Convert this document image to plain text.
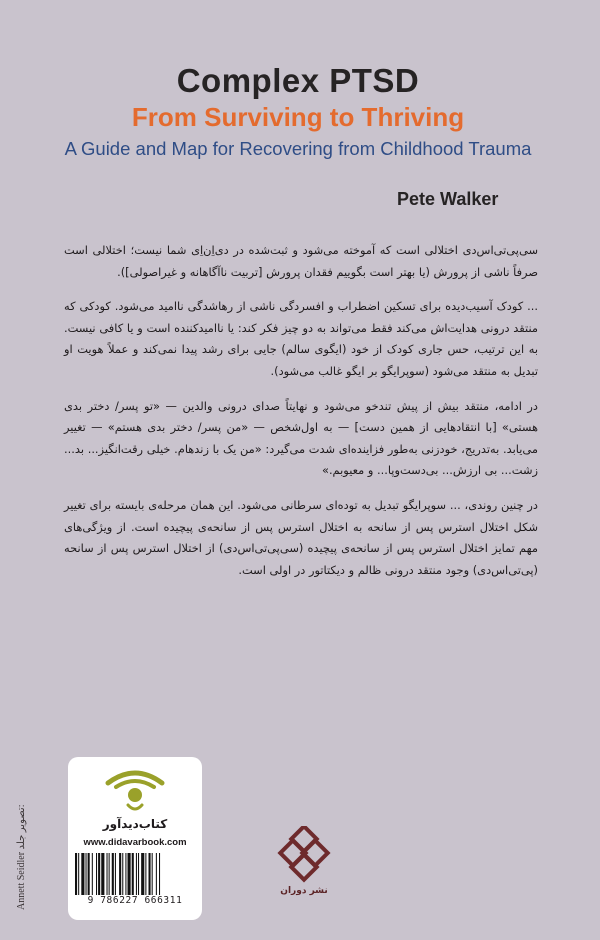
Complex PTSD
From Surviving to Thriving
A Guide and Map for Recovering from Childhood Trauma
Pete Walker

سی‌پی‌تی‌اس‌دی اختلالی است که آموخته می‌شود و ثبت‌شده در دی‌اِن‌اِی شما نیست؛ اختلالی است صرفاً ناشی از پرورش (یا بهتر است بگوییم فقدان پرورش [تربیت ناآگاهانه و غیراصولی]).

... کودک آسیب‌دیده برای تسکین اضطراب و افسردگی ناشی از رهاشدگی ناامید می‌شود. کودکی که منتقد درونی هدایت‌اش می‌کند فقط می‌تواند به دو چیز فکر کند: یا ناامیدکننده است و یا کافی نیست. به این ترتیب، حس جاری کودک از خود (ایگوی سالم) جایی برای رشد پیدا نمی‌کند و عملاً هویت او تبدیل به منتقد می‌شود (سوپرایگو بر ایگو غالب می‌شود).

در ادامه، منتقد بیش از پیش تندخو می‌شود و نهایتاً صدای درونی والدین — «تو پسر/ دختر بدی هستی» [با انتقادهایی از همین دست] — به اول‌شخص — «من پسر/ دختر بدی هستم» — تغییر می‌یابد. به‌تدریج، خودزنی به‌طور فزاینده‌ای شدت می‌گیرد: «من یک با زندهام. خیلی رقت‌انگیز... بد... زشت... بی ارزش... بی‌دست‌وپا... و معیوبم.»

در چنین روندی، ... سوپرایگو تبدیل به توده‌ای سرطانی می‌شود. این همان مرحله‌ی بایسته برای تغییر شکل اختلال استرس پس از سانحه به اختلال استرس پس از سانحه‌ی پیچیده است. از ویژگی‌های مهم تمایز اختلال استرس پس از سانحه‌ی پیچیده (سی‌پی‌تی‌اس‌دی) از اختلال استرس پس از سانحه (پی‌تی‌اس‌دی) وجود منتقد درونی ظالم و دیکتاتور در اولی است.

Annett Seidler تصویر جلد:
کتاب‌دیدآور
www.didavarbook.com
9 786227 666311
نشر دوران
